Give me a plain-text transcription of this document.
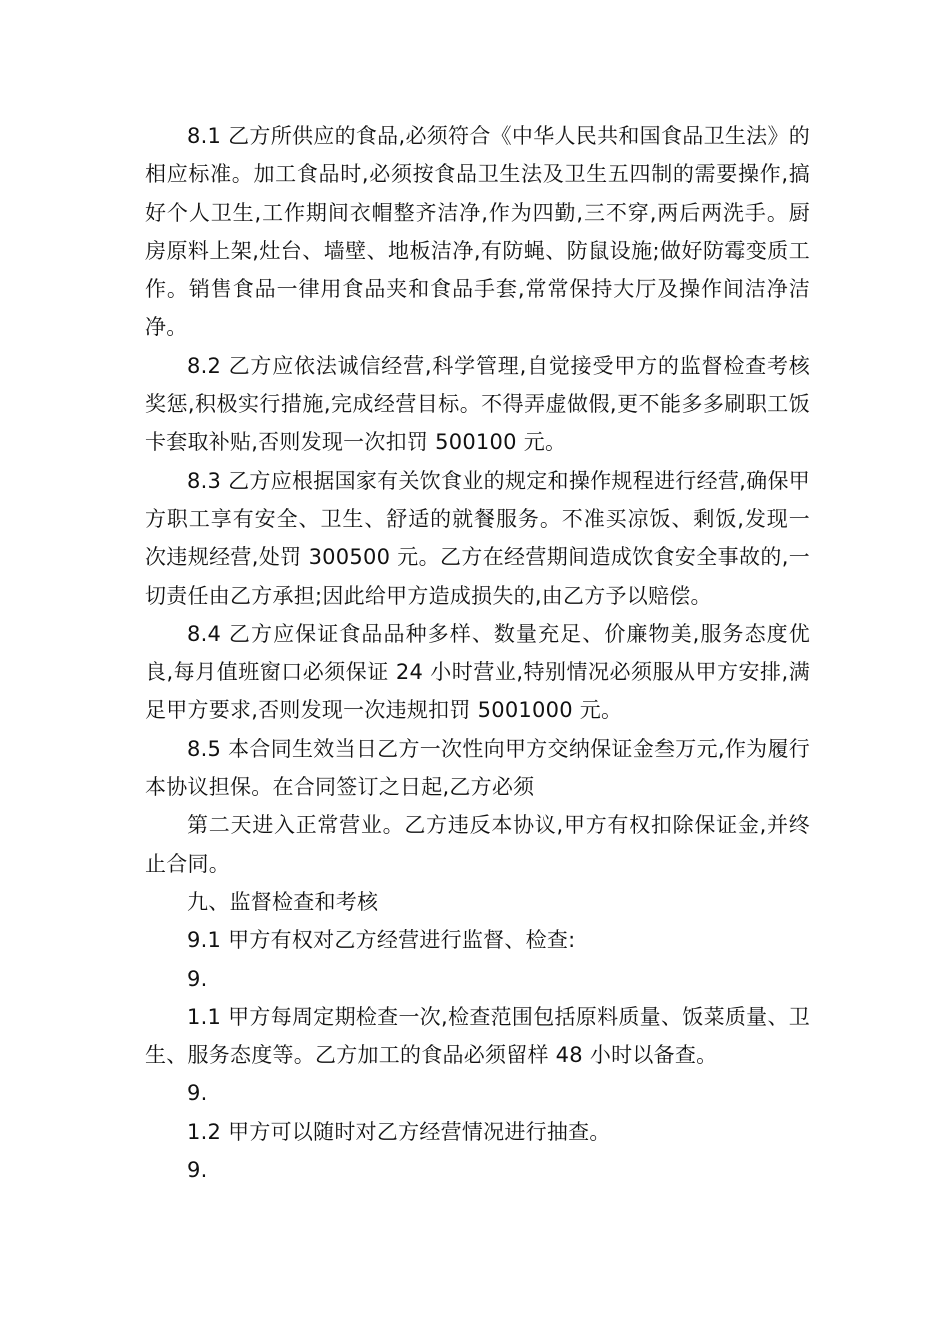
8.1 乙方所供应的食品,必须符合《中华人民共和国食品卫生法》的相应标准。加工食品时,必须按食品卫生法及卫生五四制的需要操作,搞好个人卫生,工作期间衣帽整齐洁净,作为四勤,三不穿,两后两洗手。厨房原料上架,灶台、墙壁、地板洁净,有防蝇、防鼠设施;做好防霉变质工作。销售食品一律用食品夹和食品手套,常常保持大厅及操作间洁净洁净。

8.2 乙方应依法诚信经营,科学管理,自觉接受甲方的监督检查考核奖惩,积极实行措施,完成经营目标。不得弄虚做假,更不能多多刷职工饭卡套取补贴,否则发现一次扣罚 500100 元。

8.3 乙方应根据国家有关饮食业的规定和操作规程进行经营,确保甲方职工享有安全、卫生、舒适的就餐服务。不准买凉饭、剩饭,发现一次违规经营,处罚 300500 元。乙方在经营期间造成饮食安全事故的,一切责任由乙方承担;因此给甲方造成损失的,由乙方予以赔偿。

8.4 乙方应保证食品品种多样、数量充足、价廉物美,服务态度优良,每月值班窗口必须保证 24 小时营业,特别情况必须服从甲方安排,满足甲方要求,否则发现一次违规扣罚 5001000 元。

8.5 本合同生效当日乙方一次性向甲方交纳保证金叁万元,作为履行本协议担保。在合同签订之日起,乙方必须

第二天进入正常营业。乙方违反本协议,甲方有权扣除保证金,并终止合同。

九、监督检查和考核

9.1 甲方有权对乙方经营进行监督、检查:

9.

1.1 甲方每周定期检查一次,检查范围包括原料质量、饭菜质量、卫生、服务态度等。乙方加工的食品必须留样 48 小时以备查。

9.

1.2 甲方可以随时对乙方经营情况进行抽查。

9.
